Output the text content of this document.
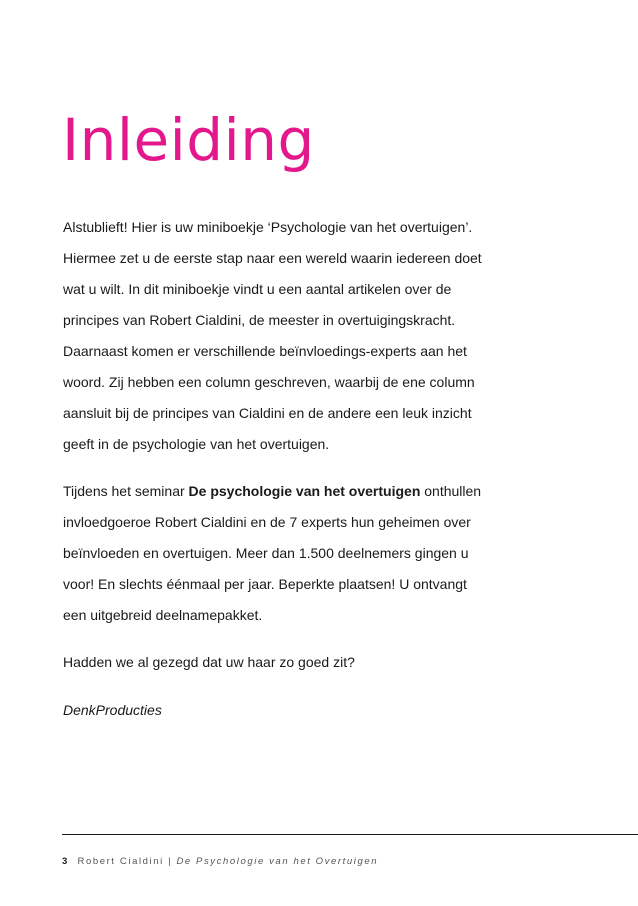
Inleiding

Alstublieft! Hier is uw miniboekje ‘Psychologie van het overtuigen’.
Hiermee zet u de eerste stap naar een wereld waarin iedereen doet
wat u wilt. In dit miniboekje vindt u een aantal artikelen over de
principes van Robert Cialdini, de meester in overtuigingskracht.
Daarnaast komen er verschillende beïnvloedings-experts aan het
woord. Zij hebben een column geschreven, waarbij de ene column
aansluit bij de principes van Cialdini en de andere een leuk inzicht
geeft in de psychologie van het overtuigen.

Tijdens het seminar De psychologie van het overtuigen onthullen
invloedgoeroe Robert Cialdini en de 7 experts hun geheimen over
beïnvloeden en overtuigen. Meer dan 1.500 deelnemers gingen u
voor! En slechts éénmaal per jaar. Beperkte plaatsen! U ontvangt
een uitgebreid deelnamepakket.

Hadden we al gezegd dat uw haar zo goed zit?

DenkProducties

3 Robert Cialdini | De Psychologie van het Overtuigen
